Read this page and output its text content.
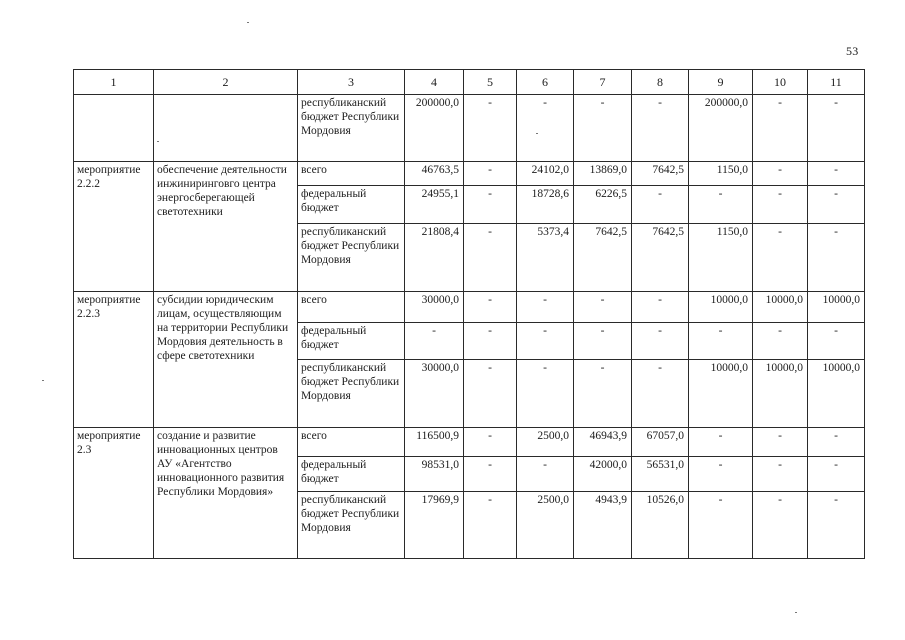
53
1	2	3	4	5	6	7	8	9	10	11
		республиканский бюджет Республики Мордовия	200000,0	-	-	-	-	200000,0	-	-
мероприятие 2.2.2	обеспечение деятельности инжиниринговго центра энергосберегающей светотехники	всего	46763,5	-	24102,0	13869,0	7642,5	1150,0	-	-
		федеральный бюджет	24955,1	-	18728,6	6226,5	-	-	-	-
		республиканский бюджет Республики Мордовия	21808,4	-	5373,4	7642,5	7642,5	1150,0	-	-
мероприятие 2.2.3	субсидии юридическим лицам, осуществляющим на территории Республики Мордовия деятельность в сфере светотехники	всего	30000,0	-	-	-	-	10000,0	10000,0	10000,0
		федеральный бюджет	-	-	-	-	-	-	-	-
		республиканский бюджет Республики Мордовия	30000,0	-	-	-	-	10000,0	10000,0	10000,0
мероприятие 2.3	создание и развитие инновационных центров АУ «Агентство инновационного развития Республики Мордовия»	всего	116500,9	-	2500,0	46943,9	67057,0	-	-	-
		федеральный бюджет	98531,0	-	-	42000,0	56531,0	-	-	-
		республиканский бюджет Республики Мордовия	17969,9	-	2500,0	4943,9	10526,0	-	-	-
